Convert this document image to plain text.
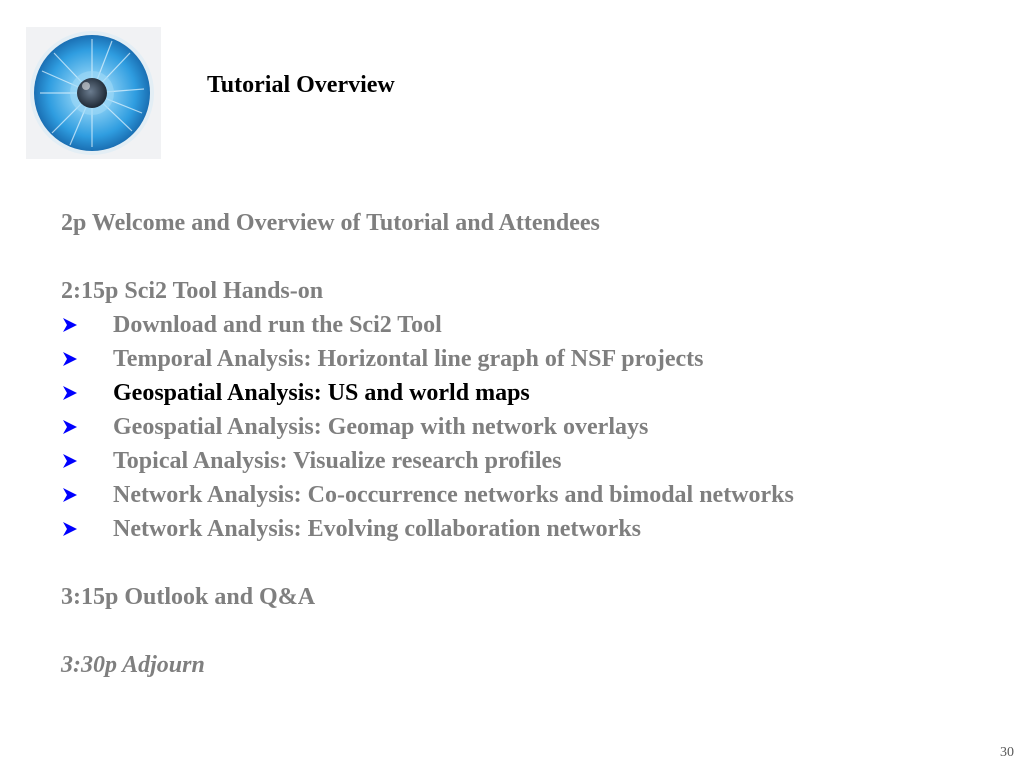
Tutorial Overview
2p Welcome and Overview of Tutorial and Attendees
2:15p Sci2 Tool Hands-on
Download and run the Sci2 Tool
Temporal Analysis: Horizontal line graph of NSF projects
Geospatial Analysis: US and world maps
Geospatial Analysis: Geomap with network overlays
Topical Analysis: Visualize research profiles
Network Analysis: Co-occurrence networks and bimodal networks
Network Analysis: Evolving collaboration networks
3:15p Outlook and Q&A
3:30p Adjourn
30
